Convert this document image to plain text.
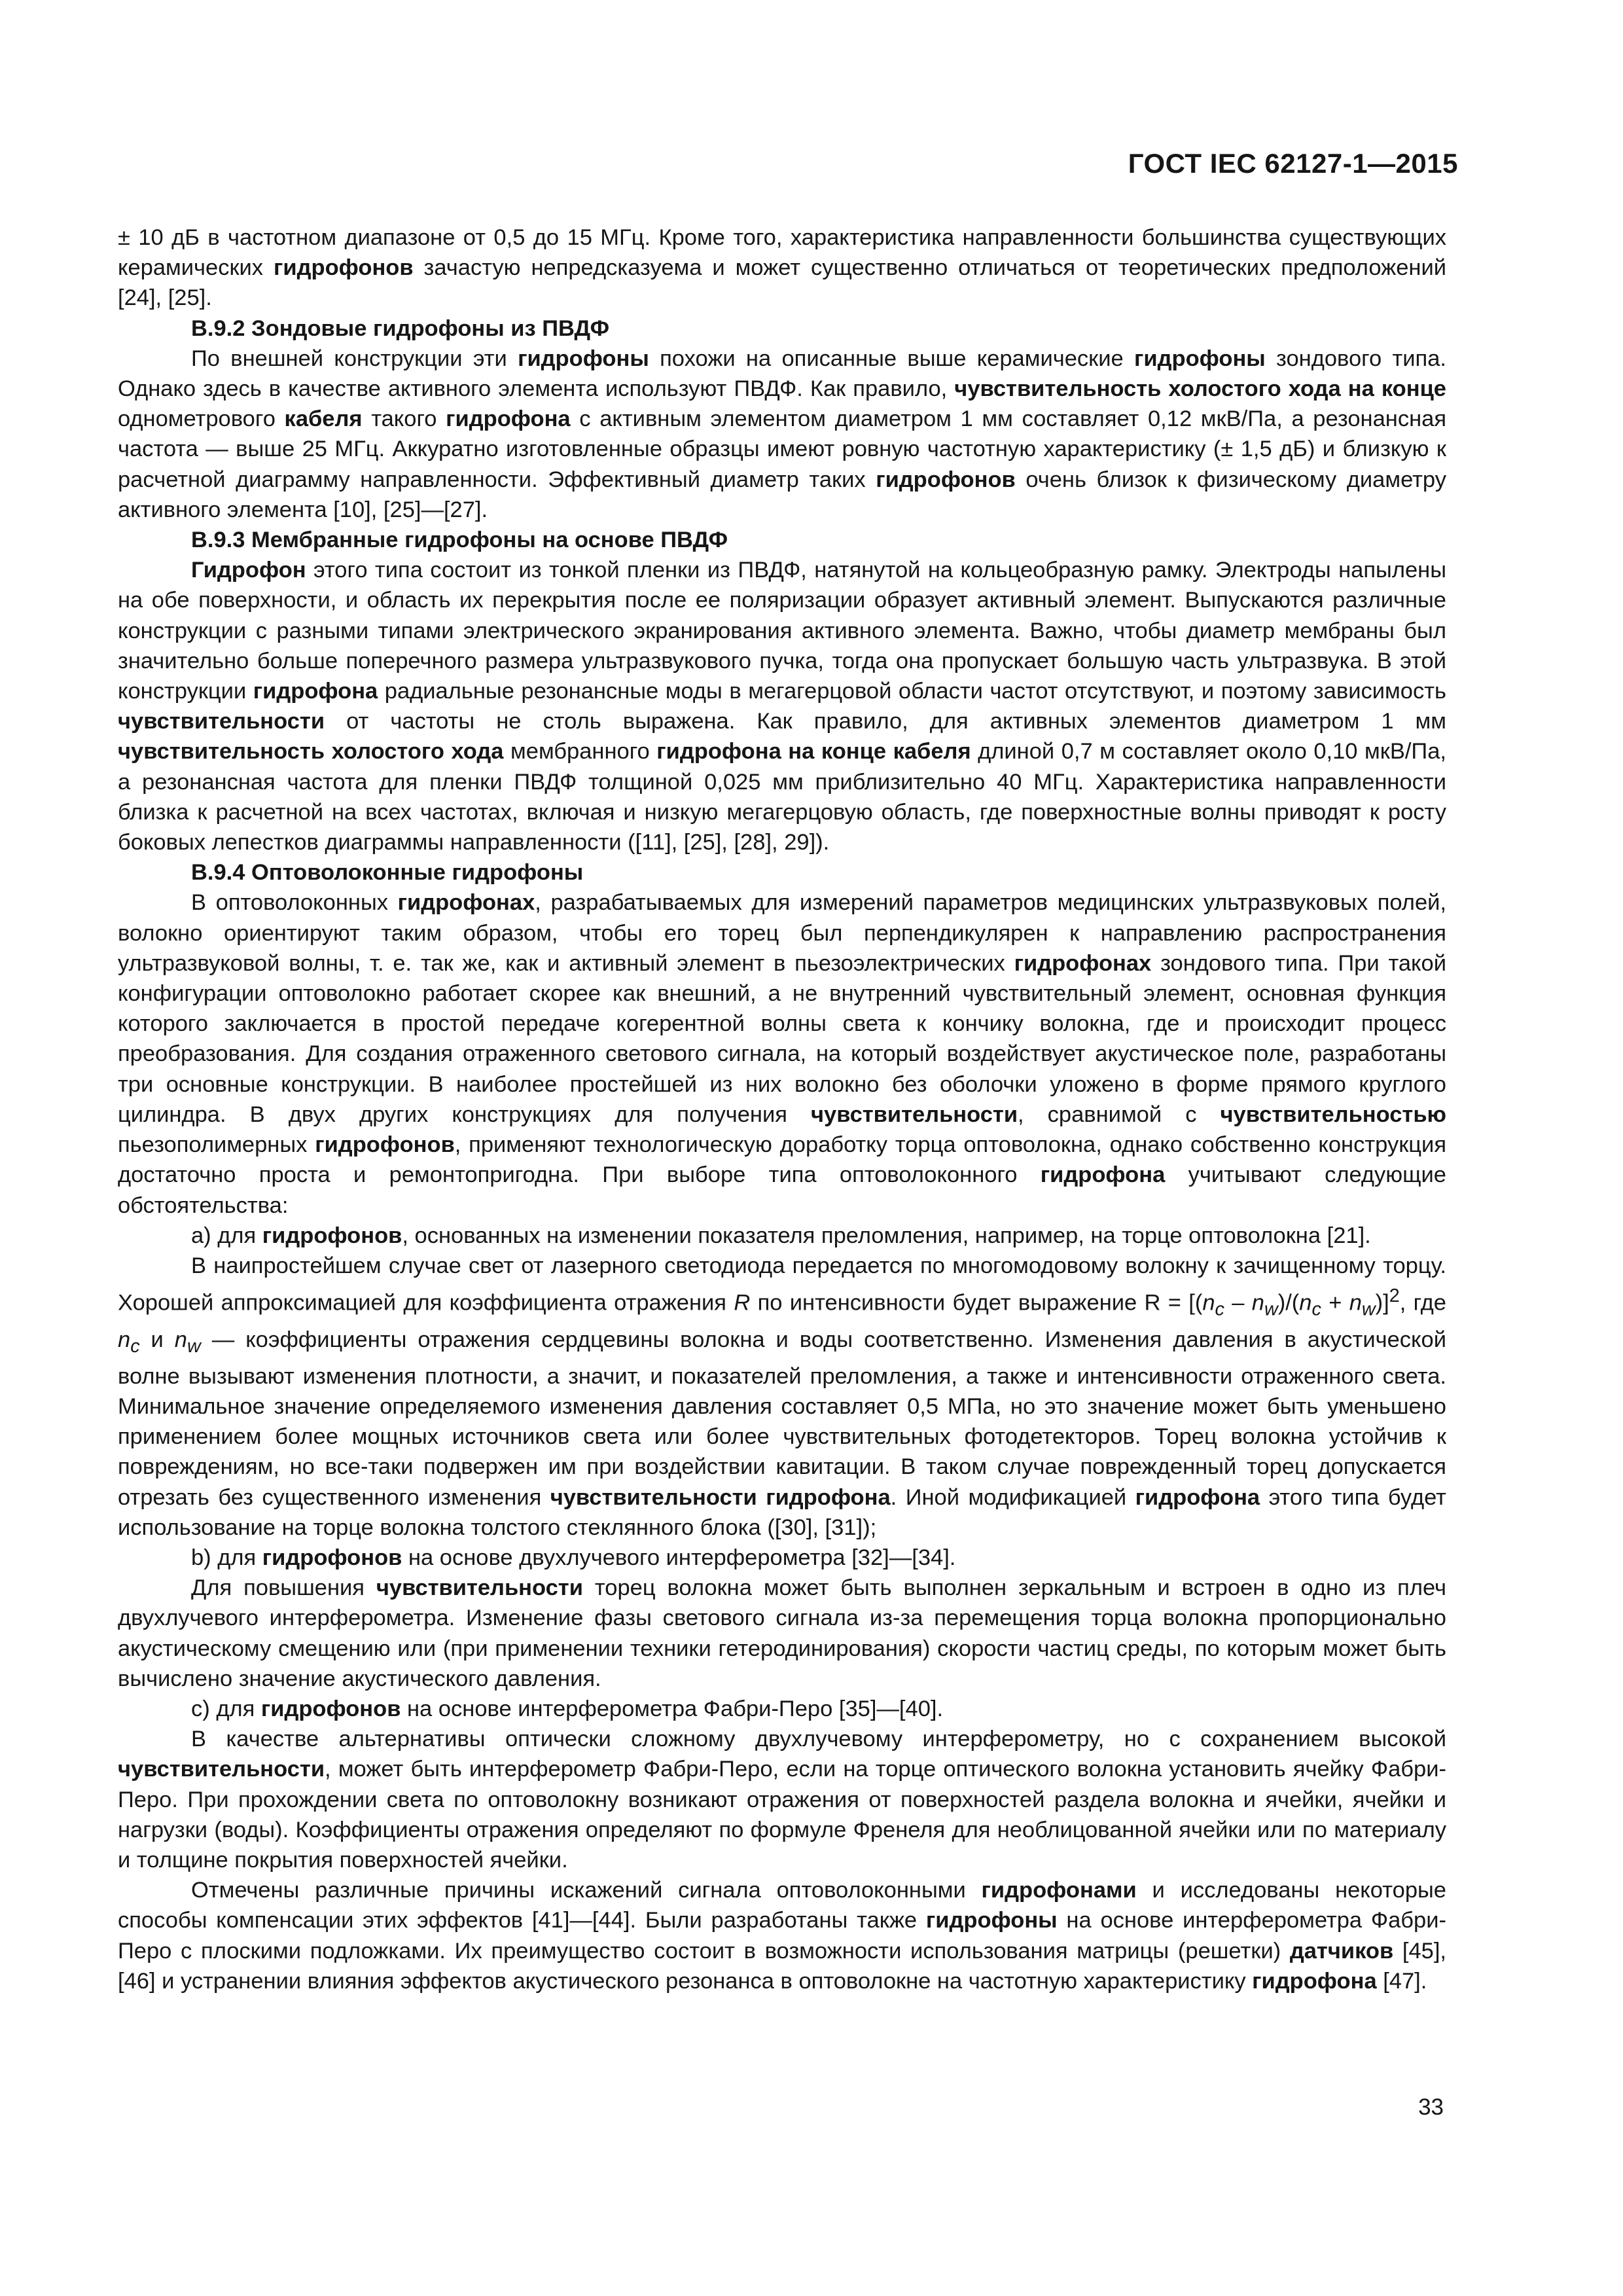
ГОСТ IEC 62127-1—2015

± 10 дБ в частотном диапазоне от 0,5 до 15 МГц. Кроме того, характеристика направленности большинства существующих керамических гидрофонов зачастую непредсказуема и может существенно отличаться от теоретических предположений [24], [25].

В.9.2 Зондовые гидрофоны из ПВДФ

По внешней конструкции эти гидрофоны похожи на описанные выше керамические гидрофоны зондового типа. Однако здесь в качестве активного элемента используют ПВДФ. Как правило, чувствительность холостого хода на конце однометрового кабеля такого гидрофона с активным элементом диаметром 1 мм составляет 0,12 мкВ/Па, а резонансная частота — выше 25 МГц. Аккуратно изготовленные образцы имеют ровную частотную характеристику (± 1,5 дБ) и близкую к расчетной диаграмму направленности. Эффективный диаметр таких гидрофонов очень близок к физическому диаметру активного элемента [10], [25]—[27].

В.9.3 Мембранные гидрофоны на основе ПВДФ

Гидрофон этого типа состоит из тонкой пленки из ПВДФ, натянутой на кольцеобразную рамку. Электроды напылены на обе поверхности, и область их перекрытия после ее поляризации образует активный элемент. Выпускаются различные конструкции с разными типами электрического экранирования активного элемента. Важно, чтобы диаметр мембраны был значительно больше поперечного размера ультразвукового пучка, тогда она пропускает большую часть ультразвука. В этой конструкции гидрофона радиальные резонансные моды в мегагерцовой области частот отсутствуют, и поэтому зависимость чувствительности от частоты не столь выражена. Как правило, для активных элементов диаметром 1 мм чувствительность холостого хода мембранного гидрофона на конце кабеля длиной 0,7 м составляет около 0,10 мкВ/Па, а резонансная частота для пленки ПВДФ толщиной 0,025 мм приблизительно 40 МГц. Характеристика направленности близка к расчетной на всех частотах, включая и низкую мегагерцовую область, где поверхностные волны приводят к росту боковых лепестков диаграммы направленности ([11], [25], [28], 29]).

В.9.4 Оптоволоконные гидрофоны

В оптоволоконных гидрофонах, разрабатываемых для измерений параметров медицинских ультразвуковых полей, волокно ориентируют таким образом, чтобы его торец был перпендикулярен к направлению распространения ультразвуковой волны, т. е. так же, как и активный элемент в пьезоэлектрических гидрофонах зондового типа. При такой конфигурации оптоволокно работает скорее как внешний, а не внутренний чувствительный элемент, основная функция которого заключается в простой передаче когерентной волны света к кончику волокна, где и происходит процесс преобразования. Для создания отраженного светового сигнала, на который воздействует акустическое поле, разработаны три основные конструкции. В наиболее простейшей из них волокно без оболочки уложено в форме прямого круглого цилиндра. В двух других конструкциях для получения чувствительности, сравнимой с чувствительностью пьезополимерных гидрофонов, применяют технологическую доработку торца оптоволокна, однако собственно конструкция достаточно проста и ремонтопригодна. При выборе типа оптоволоконного гидрофона учитывают следующие обстоятельства:

а) для гидрофонов, основанных на изменении показателя преломления, например, на торце оптоволокна [21].

В наипростейшем случае свет от лазерного светодиода передается по многомодовому волокну к зачищенному торцу. Хорошей аппроксимацией для коэффициента отражения R по интенсивности будет выражение $R = [(n_c - n_w)/(n_c + n_w)]^2$, где $n_c$ и $n_w$ — коэффициенты отражения сердцевины волокна и воды соответственно. Изменения давления в акустической волне вызывают изменения плотности, а значит, и показателей преломления, а также и интенсивности отраженного света. Минимальное значение определяемого изменения давления составляет 0,5 МПа, но это значение может быть уменьшено применением более мощных источников света или более чувствительных фотодетекторов. Торец волокна устойчив к повреждениям, но все-таки подвержен им при воздействии кавитации. В таком случае поврежденный торец допускается отрезать без существенного изменения чувствительности гидрофона. Иной модификацией гидрофона этого типа будет использование на торце волокна толстого стеклянного блока ([30], [31]);

b) для гидрофонов на основе двухлучевого интерферометра [32]—[34].

Для повышения чувствительности торец волокна может быть выполнен зеркальным и встроен в одно из плеч двухлучевого интерферометра. Изменение фазы светового сигнала из-за перемещения торца волокна пропорционально акустическому смещению или (при применении техники гетеродинирования) скорости частиц среды, по которым может быть вычислено значение акустического давления.

c) для гидрофонов на основе интерферометра Фабри-Перо [35]—[40].

В качестве альтернативы оптически сложному двухлучевому интерферометру, но с сохранением высокой чувствительности, может быть интерферометр Фабри-Перо, если на торце оптического волокна установить ячейку Фабри-Перо. При прохождении света по оптоволокну возникают отражения от поверхностей раздела волокна и ячейки, ячейки и нагрузки (воды). Коэффициенты отражения определяют по формуле Френеля для необлицованной ячейки или по материалу и толщине покрытия поверхностей ячейки.

Отмечены различные причины искажений сигнала оптоволоконными гидрофонами и исследованы некоторые способы компенсации этих эффектов [41]—[44]. Были разработаны также гидрофоны на основе интерферометра Фабри-Перо с плоскими подложками. Их преимущество состоит в возможности использования матрицы (решетки) датчиков [45], [46] и устранении влияния эффектов акустического резонанса в оптоволокне на частотную характеристику гидрофона [47].

33
